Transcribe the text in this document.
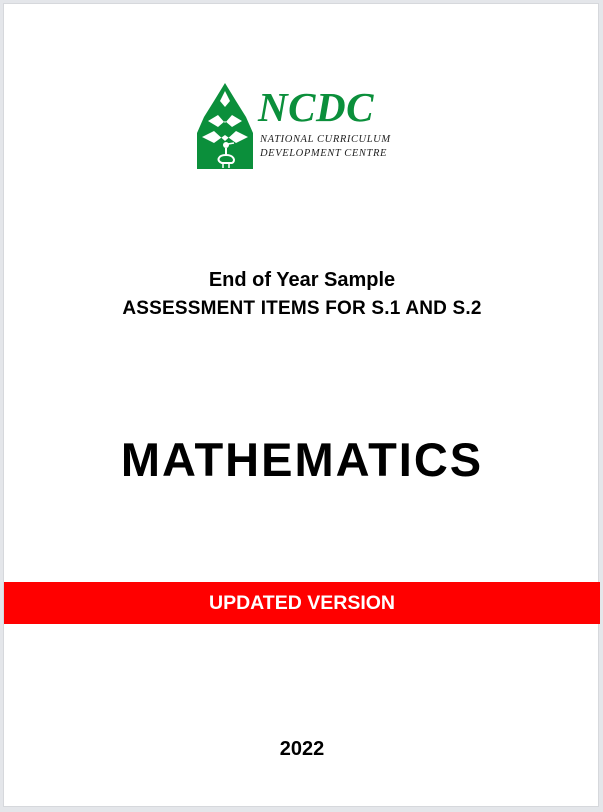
NCDC
NATIONAL CURRICULUM
DEVELOPMENT CENTRE
End of Year Sample
ASSESSMENT ITEMS FOR S.1 AND S.2
MATHEMATICS
UPDATED VERSION
2022
